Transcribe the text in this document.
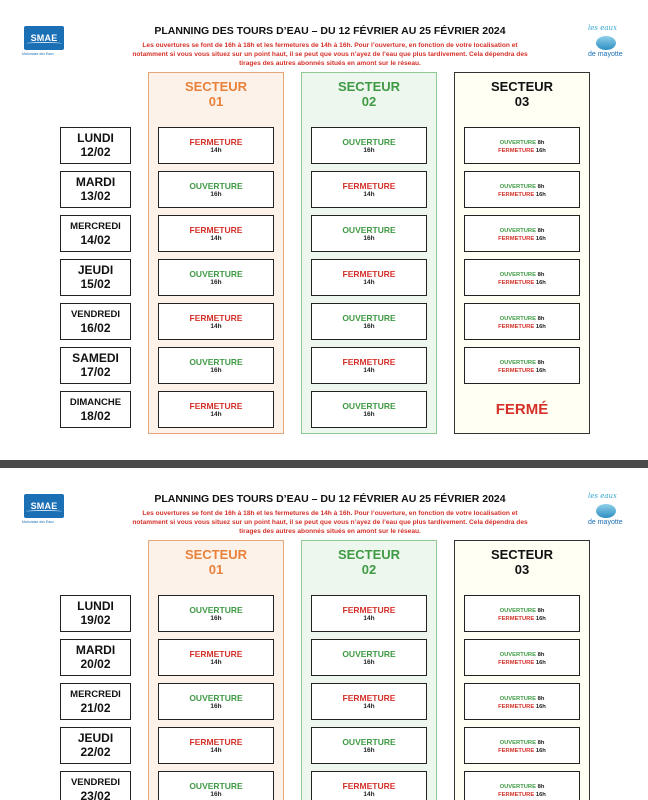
SMAE
Mahoraise des Eaux
les eaux
de mayotte
PLANNING DES TOURS D’EAU – DU 12 FÉVRIER AU 25 FÉVRIER 2024
Les ouvertures se font de 16h à 18h et les fermetures de 14h à 16h. Pour l’ouverture, en fonction de votre localisation et
notamment si vous vous situez sur un point haut, il se peut que vous n’ayez de l’eau que plus tardivement. Cela dépendra des
tirages des autres abonnés situés en amont sur le réseau.
SECTEUR
01
SECTEUR
02
SECTEUR
03
LUNDI
12/02
FERMETURE
14h
OUVERTURE
16h
OUVERTURE 8h
FERMETURE 16h
MARDI
13/02
OUVERTURE
16h
FERMETURE
14h
OUVERTURE 8h
FERMETURE 16h
MERCREDI
14/02
FERMETURE
14h
OUVERTURE
16h
OUVERTURE 8h
FERMETURE 16h
JEUDI
15/02
OUVERTURE
16h
FERMETURE
14h
OUVERTURE 8h
FERMETURE 16h
VENDREDI
16/02
FERMETURE
14h
OUVERTURE
16h
OUVERTURE 8h
FERMETURE 16h
SAMEDI
17/02
OUVERTURE
16h
FERMETURE
14h
OUVERTURE 8h
FERMETURE 16h
DIMANCHE
18/02
FERMETURE
14h
OUVERTURE
16h	FERMÉ
SMAE
Mahoraise des Eaux
les eaux
de mayotte
PLANNING DES TOURS D’EAU – DU 12 FÉVRIER AU 25 FÉVRIER 2024
Les ouvertures se font de 16h à 18h et les fermetures de 14h à 16h. Pour l’ouverture, en fonction de votre localisation et
notamment si vous vous situez sur un point haut, il se peut que vous n’ayez de l’eau que plus tardivement. Cela dépendra des
tirages des autres abonnés situés en amont sur le réseau.
SECTEUR
01
SECTEUR
02
SECTEUR
03
LUNDI
19/02
OUVERTURE
16h
FERMETURE
14h
OUVERTURE 8h
FERMETURE 16h
MARDI
20/02
FERMETURE
14h
OUVERTURE
16h
OUVERTURE 8h
FERMETURE 16h
MERCREDI
21/02
OUVERTURE
16h
FERMETURE
14h
OUVERTURE 8h
FERMETURE 16h
JEUDI
22/02
FERMETURE
14h
OUVERTURE
16h
OUVERTURE 8h
FERMETURE 16h
VENDREDI
23/02
OUVERTURE
16h
FERMETURE
14h
OUVERTURE 8h
FERMETURE 16h
